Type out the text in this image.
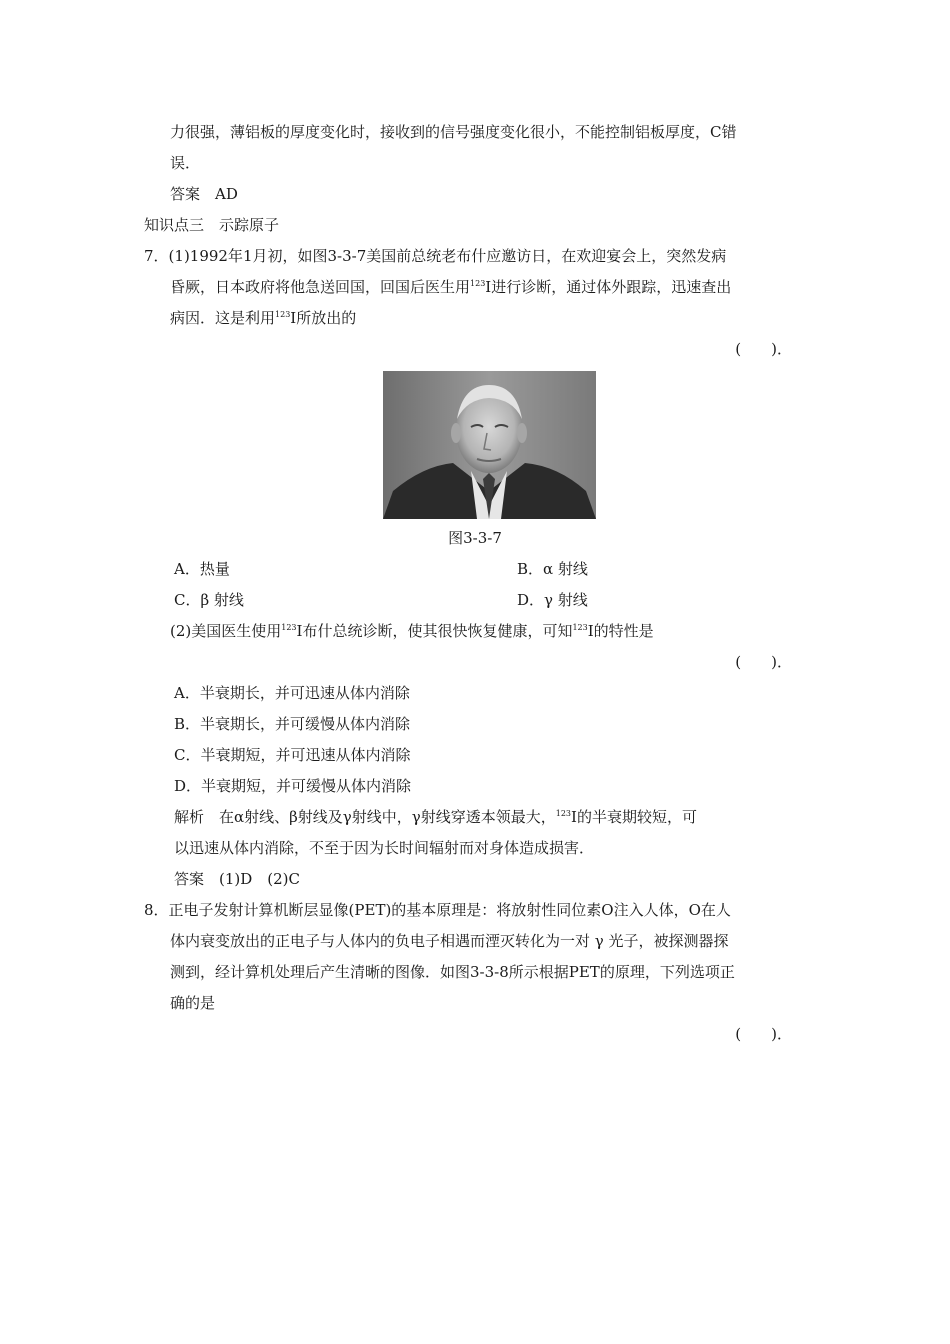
力很强，薄铝板的厚度变化时，接收到的信号强度变化很小，不能控制铝板厚度，C错
误．
答案　AD
知识点三　示踪原子
7．(1)1992年1月初，如图3-3-7美国前总统老布什应邀访日，在欢迎宴会上，突然发病
昏厥，日本政府将他急送回国，回国后医生用$^{123}$I进行诊断，通过体外跟踪，迅速查出
病因．这是利用$^{123}$I所放出的
(　　)．
图3-3-7
A．热量	B．α 射线
C．β 射线	D．γ 射线
(2)美国医生使用$^{123}$I布什总统诊断，使其很快恢复健康，可知$^{123}$I的特性是
(　　)．
A．半衰期长，并可迅速从体内消除
B．半衰期长，并可缓慢从体内消除
C．半衰期短，并可迅速从体内消除
D．半衰期短，并可缓慢从体内消除
解析　在α射线、β射线及γ射线中，γ射线穿透本领最大，$^{123}$I的半衰期较短，可
以迅速从体内消除，不至于因为长时间辐射而对身体造成损害．
答案　(1)D　(2)C
8．正电子发射计算机断层显像(PET)的基本原理是：将放射性同位素O注入人体，O在人
体内衰变放出的正电子与人体内的负电子相遇而湮灭转化为一对 γ 光子，被探测器探
测到，经计算机处理后产生清晰的图像．如图3-3-8所示根据PET的原理，下列选项正
确的是
(　　)．
